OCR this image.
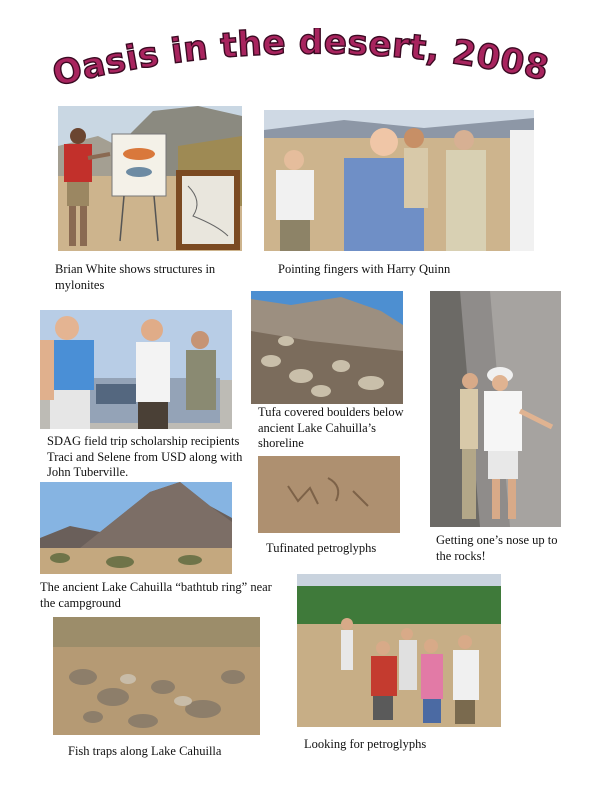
Oasis in the desert, 2008

Brian White shows structures in mylonites

Pointing fingers with Harry Quinn

SDAG field trip scholarship recipients Traci and Selene from USD along with John Tuberville.

Tufa covered boulders below ancient Lake Cahuilla’s shoreline

Getting one’s nose up to the rocks!

Tufinated petroglyphs

The ancient Lake Cahuilla “bathtub ring” near the campground

Fish traps along Lake Cahuilla	Looking for petroglyphs
